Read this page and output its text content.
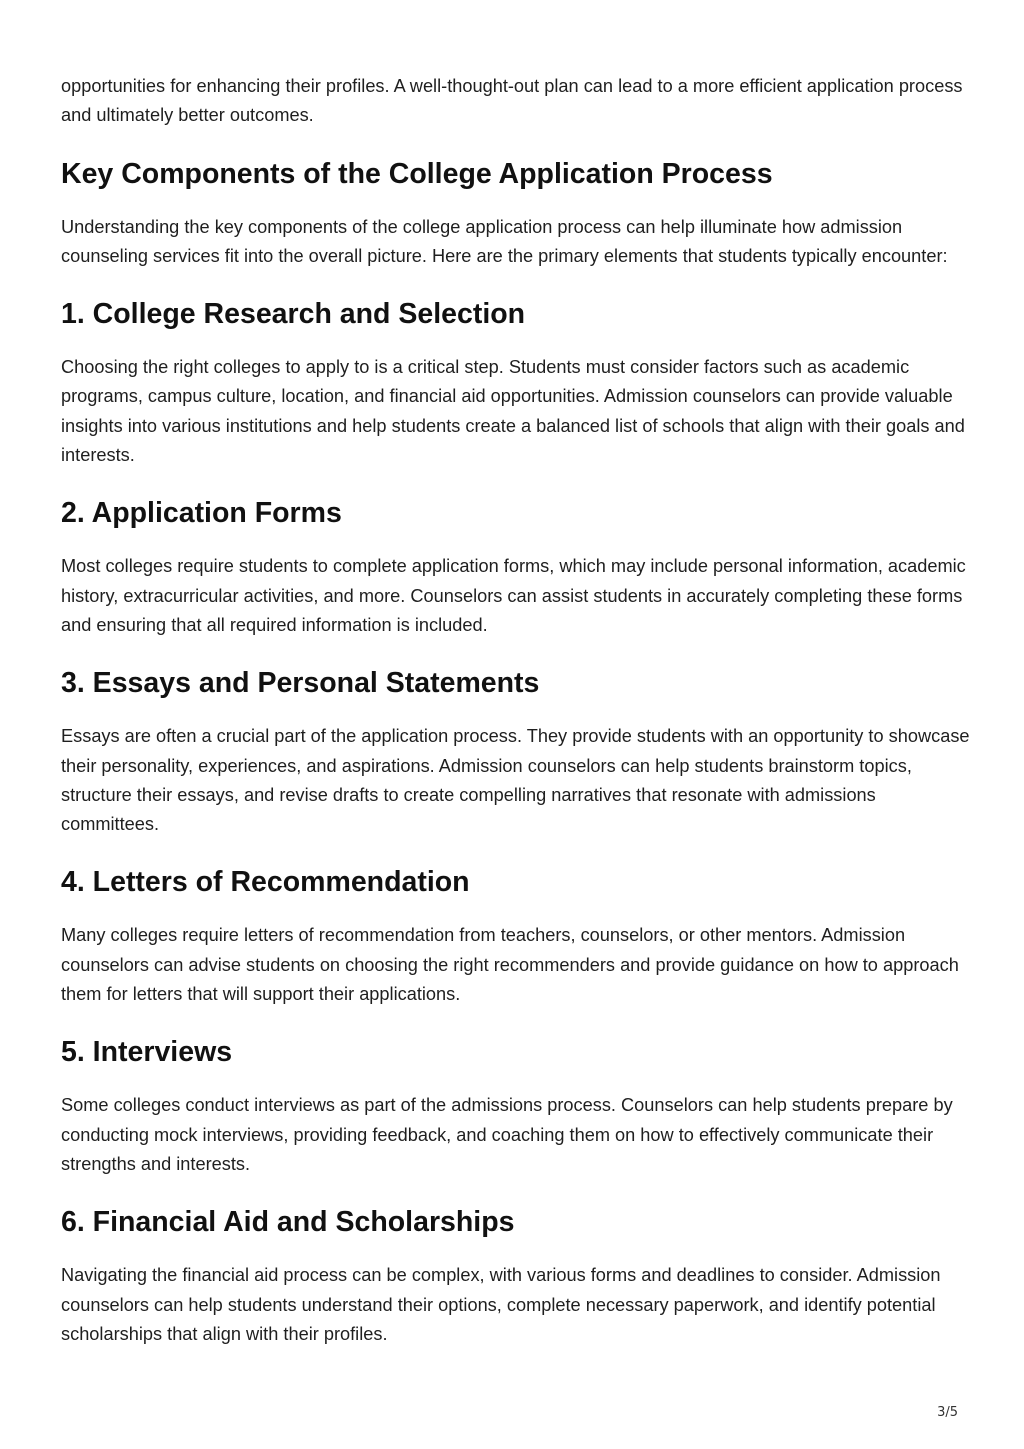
opportunities for enhancing their profiles. A well-thought-out plan can lead to a more efficient application process and ultimately better outcomes.

Key Components of the College Application Process

Understanding the key components of the college application process can help illuminate how admission counseling services fit into the overall picture. Here are the primary elements that students typically encounter:

1. College Research and Selection

Choosing the right colleges to apply to is a critical step. Students must consider factors such as academic programs, campus culture, location, and financial aid opportunities. Admission counselors can provide valuable insights into various institutions and help students create a balanced list of schools that align with their goals and interests.

2. Application Forms

Most colleges require students to complete application forms, which may include personal information, academic history, extracurricular activities, and more. Counselors can assist students in accurately completing these forms and ensuring that all required information is included.

3. Essays and Personal Statements

Essays are often a crucial part of the application process. They provide students with an opportunity to showcase their personality, experiences, and aspirations. Admission counselors can help students brainstorm topics, structure their essays, and revise drafts to create compelling narratives that resonate with admissions committees.

4. Letters of Recommendation

Many colleges require letters of recommendation from teachers, counselors, or other mentors. Admission counselors can advise students on choosing the right recommenders and provide guidance on how to approach them for letters that will support their applications.

5. Interviews

Some colleges conduct interviews as part of the admissions process. Counselors can help students prepare by conducting mock interviews, providing feedback, and coaching them on how to effectively communicate their strengths and interests.

6. Financial Aid and Scholarships

Navigating the financial aid process can be complex, with various forms and deadlines to consider. Admission counselors can help students understand their options, complete necessary paperwork, and identify potential scholarships that align with their profiles.

3/5
